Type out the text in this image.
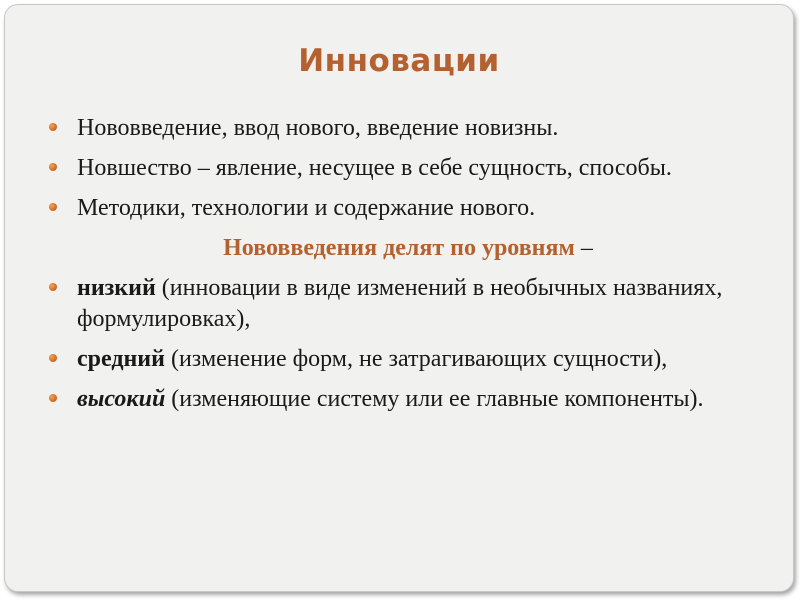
Инновации
Нововведение, ввод нового, введение новизны.
Новшество – явление, несущее в себе сущность, способы.
Методики, технологии и содержание нового.
Нововведения делят по уровням –
низкий (инновации в виде изменений в необычных названиях, формулировках),
средний (изменение форм, не затрагивающих сущности),
высокий (изменяющие систему или ее главные компоненты).
